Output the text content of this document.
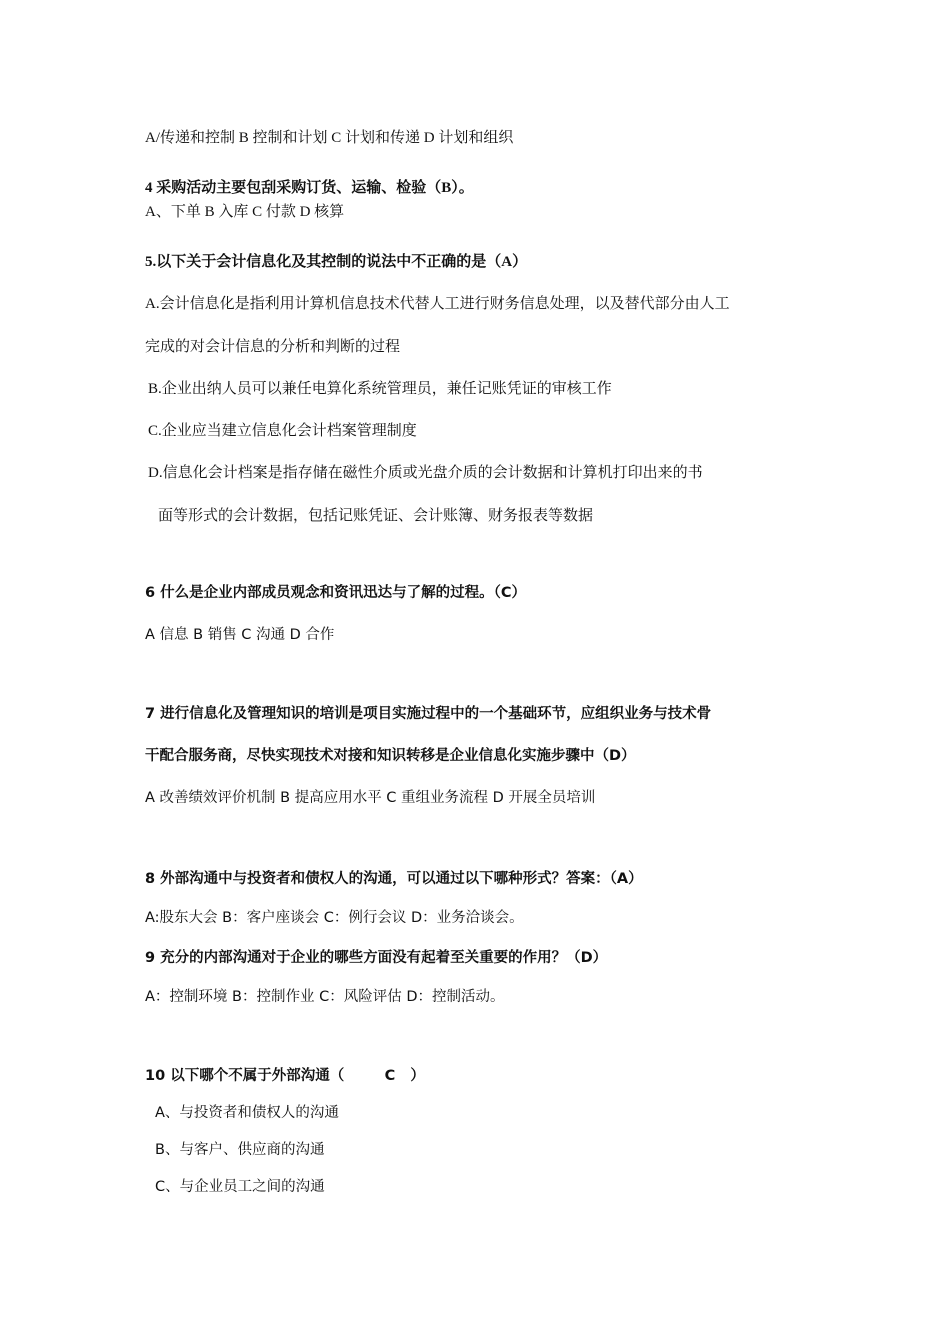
A/传递和控制 B 控制和计划 C 计划和传递 D 计划和组织
4 采购活动主要包刮采购订货、运输、检验（B）。
A、下单 B 入库 C 付款 D 核算
5.以下关于会计信息化及其控制的说法中不正确的是（A）
A.会计信息化是指利用计算机信息技术代替人工进行财务信息处理，以及替代部分由人工
完成的对会计信息的分析和判断的过程
B.企业出纳人员可以兼任电算化系统管理员，兼任记账凭证的审核工作
C.企业应当建立信息化会计档案管理制度
D.信息化会计档案是指存储在磁性介质或光盘介质的会计数据和计算机打印出来的书
面等形式的会计数据，包括记账凭证、会计账簿、财务报表等数据
6 什么是企业内部成员观念和资讯迅达与了解的过程。（C）
A 信息 B 销售 C 沟通 D 合作
7 进行信息化及管理知识的培训是项目实施过程中的一个基础环节，应组织业务与技术骨
干配合服务商，尽快实现技术对接和知识转移是企业信息化实施步骤中（D）
A 改善绩效评价机制 B 提高应用水平 C 重组业务流程 D 开展全员培训
8 外部沟通中与投资者和债权人的沟通，可以通过以下哪种形式？答案：（A）
A:股东大会 B：客户座谈会 C：例行会议 D：业务洽谈会。
9 充分的内部沟通对于企业的哪些方面没有起着至关重要的作用？（D）
A：控制环境 B：控制作业 C：风险评估 D：控制活动。
10 以下哪个不属于外部沟通（        C   ）
A、与投资者和债权人的沟通
B、与客户、供应商的沟通
C、与企业员工之间的沟通
